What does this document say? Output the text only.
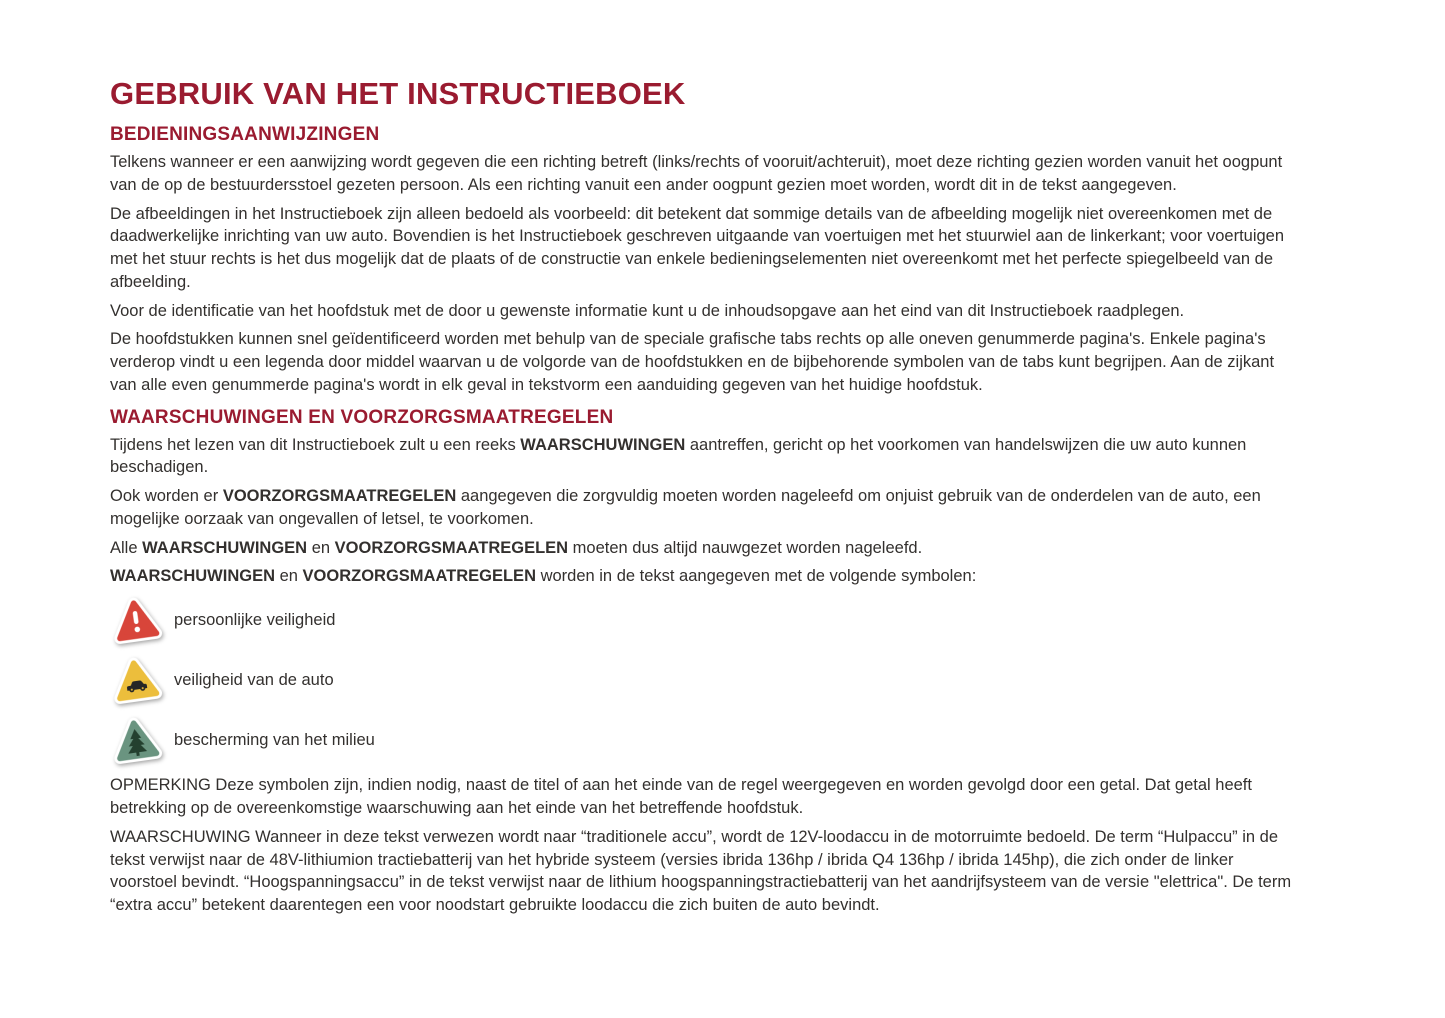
GEBRUIK VAN HET INSTRUCTIEBOEK
BEDIENINGSAANWIJZINGEN

Telkens wanneer er een aanwijzing wordt gegeven die een richting betreft (links/rechts of vooruit/achteruit), moet deze richting gezien worden vanuit het oogpunt van de op de bestuurdersstoel gezeten persoon. Als een richting vanuit een ander oogpunt gezien moet worden, wordt dit in de tekst aangegeven.

De afbeeldingen in het Instructieboek zijn alleen bedoeld als voorbeeld: dit betekent dat sommige details van de afbeelding mogelijk niet overeenkomen met de daadwerkelijke inrichting van uw auto. Bovendien is het Instructieboek geschreven uitgaande van voertuigen met het stuurwiel aan de linkerkant; voor voertuigen met het stuur rechts is het dus mogelijk dat de plaats of de constructie van enkele bedieningselementen niet overeenkomt met het perfecte spiegelbeeld van de afbeelding.

Voor de identificatie van het hoofdstuk met de door u gewenste informatie kunt u de inhoudsopgave aan het eind van dit Instructieboek raadplegen.

De hoofdstukken kunnen snel geïdentificeerd worden met behulp van de speciale grafische tabs rechts op alle oneven genummerde pagina's. Enkele pagina's verderop vindt u een legenda door middel waarvan u de volgorde van de hoofdstukken en de bijbehorende symbolen van de tabs kunt begrijpen. Aan de zijkant van alle even genummerde pagina's wordt in elk geval in tekstvorm een aanduiding gegeven van het huidige hoofdstuk.

WAARSCHUWINGEN EN VOORZORGSMAATREGELEN

Tijdens het lezen van dit Instructieboek zult u een reeks WAARSCHUWINGEN aantreffen, gericht op het voorkomen van handelswijzen die uw auto kunnen beschadigen.

Ook worden er VOORZORGSMAATREGELEN aangegeven die zorgvuldig moeten worden nageleefd om onjuist gebruik van de onderdelen van de auto, een mogelijke oorzaak van ongevallen of letsel, te voorkomen.

Alle WAARSCHUWINGEN en VOORZORGSMAATREGELEN moeten dus altijd nauwgezet worden nageleefd.

WAARSCHUWINGEN en VOORZORGSMAATREGELEN worden in de tekst aangegeven met de volgende symbolen:

persoonlijke veiligheid
veiligheid van de auto
bescherming van het milieu

OPMERKING Deze symbolen zijn, indien nodig, naast de titel of aan het einde van de regel weergegeven en worden gevolgd door een getal. Dat getal heeft betrekking op de overeenkomstige waarschuwing aan het einde van het betreffende hoofdstuk.

WAARSCHUWING Wanneer in deze tekst verwezen wordt naar “traditionele accu”, wordt de 12V-loodaccu in de motorruimte bedoeld. De term “Hulpaccu” in de tekst verwijst naar de 48V-lithiumion tractiebatterij van het hybride systeem (versies ibrida 136hp / ibrida Q4 136hp / ibrida 145hp), die zich onder de linker voorstoel bevindt. “Hoogspanningsaccu” in de tekst verwijst naar de lithium hoogspanningstractiebatterij van het aandrijfsysteem van de versie "elettrica". De term “extra accu” betekent daarentegen een voor noodstart gebruikte loodaccu die zich buiten de auto bevindt.
